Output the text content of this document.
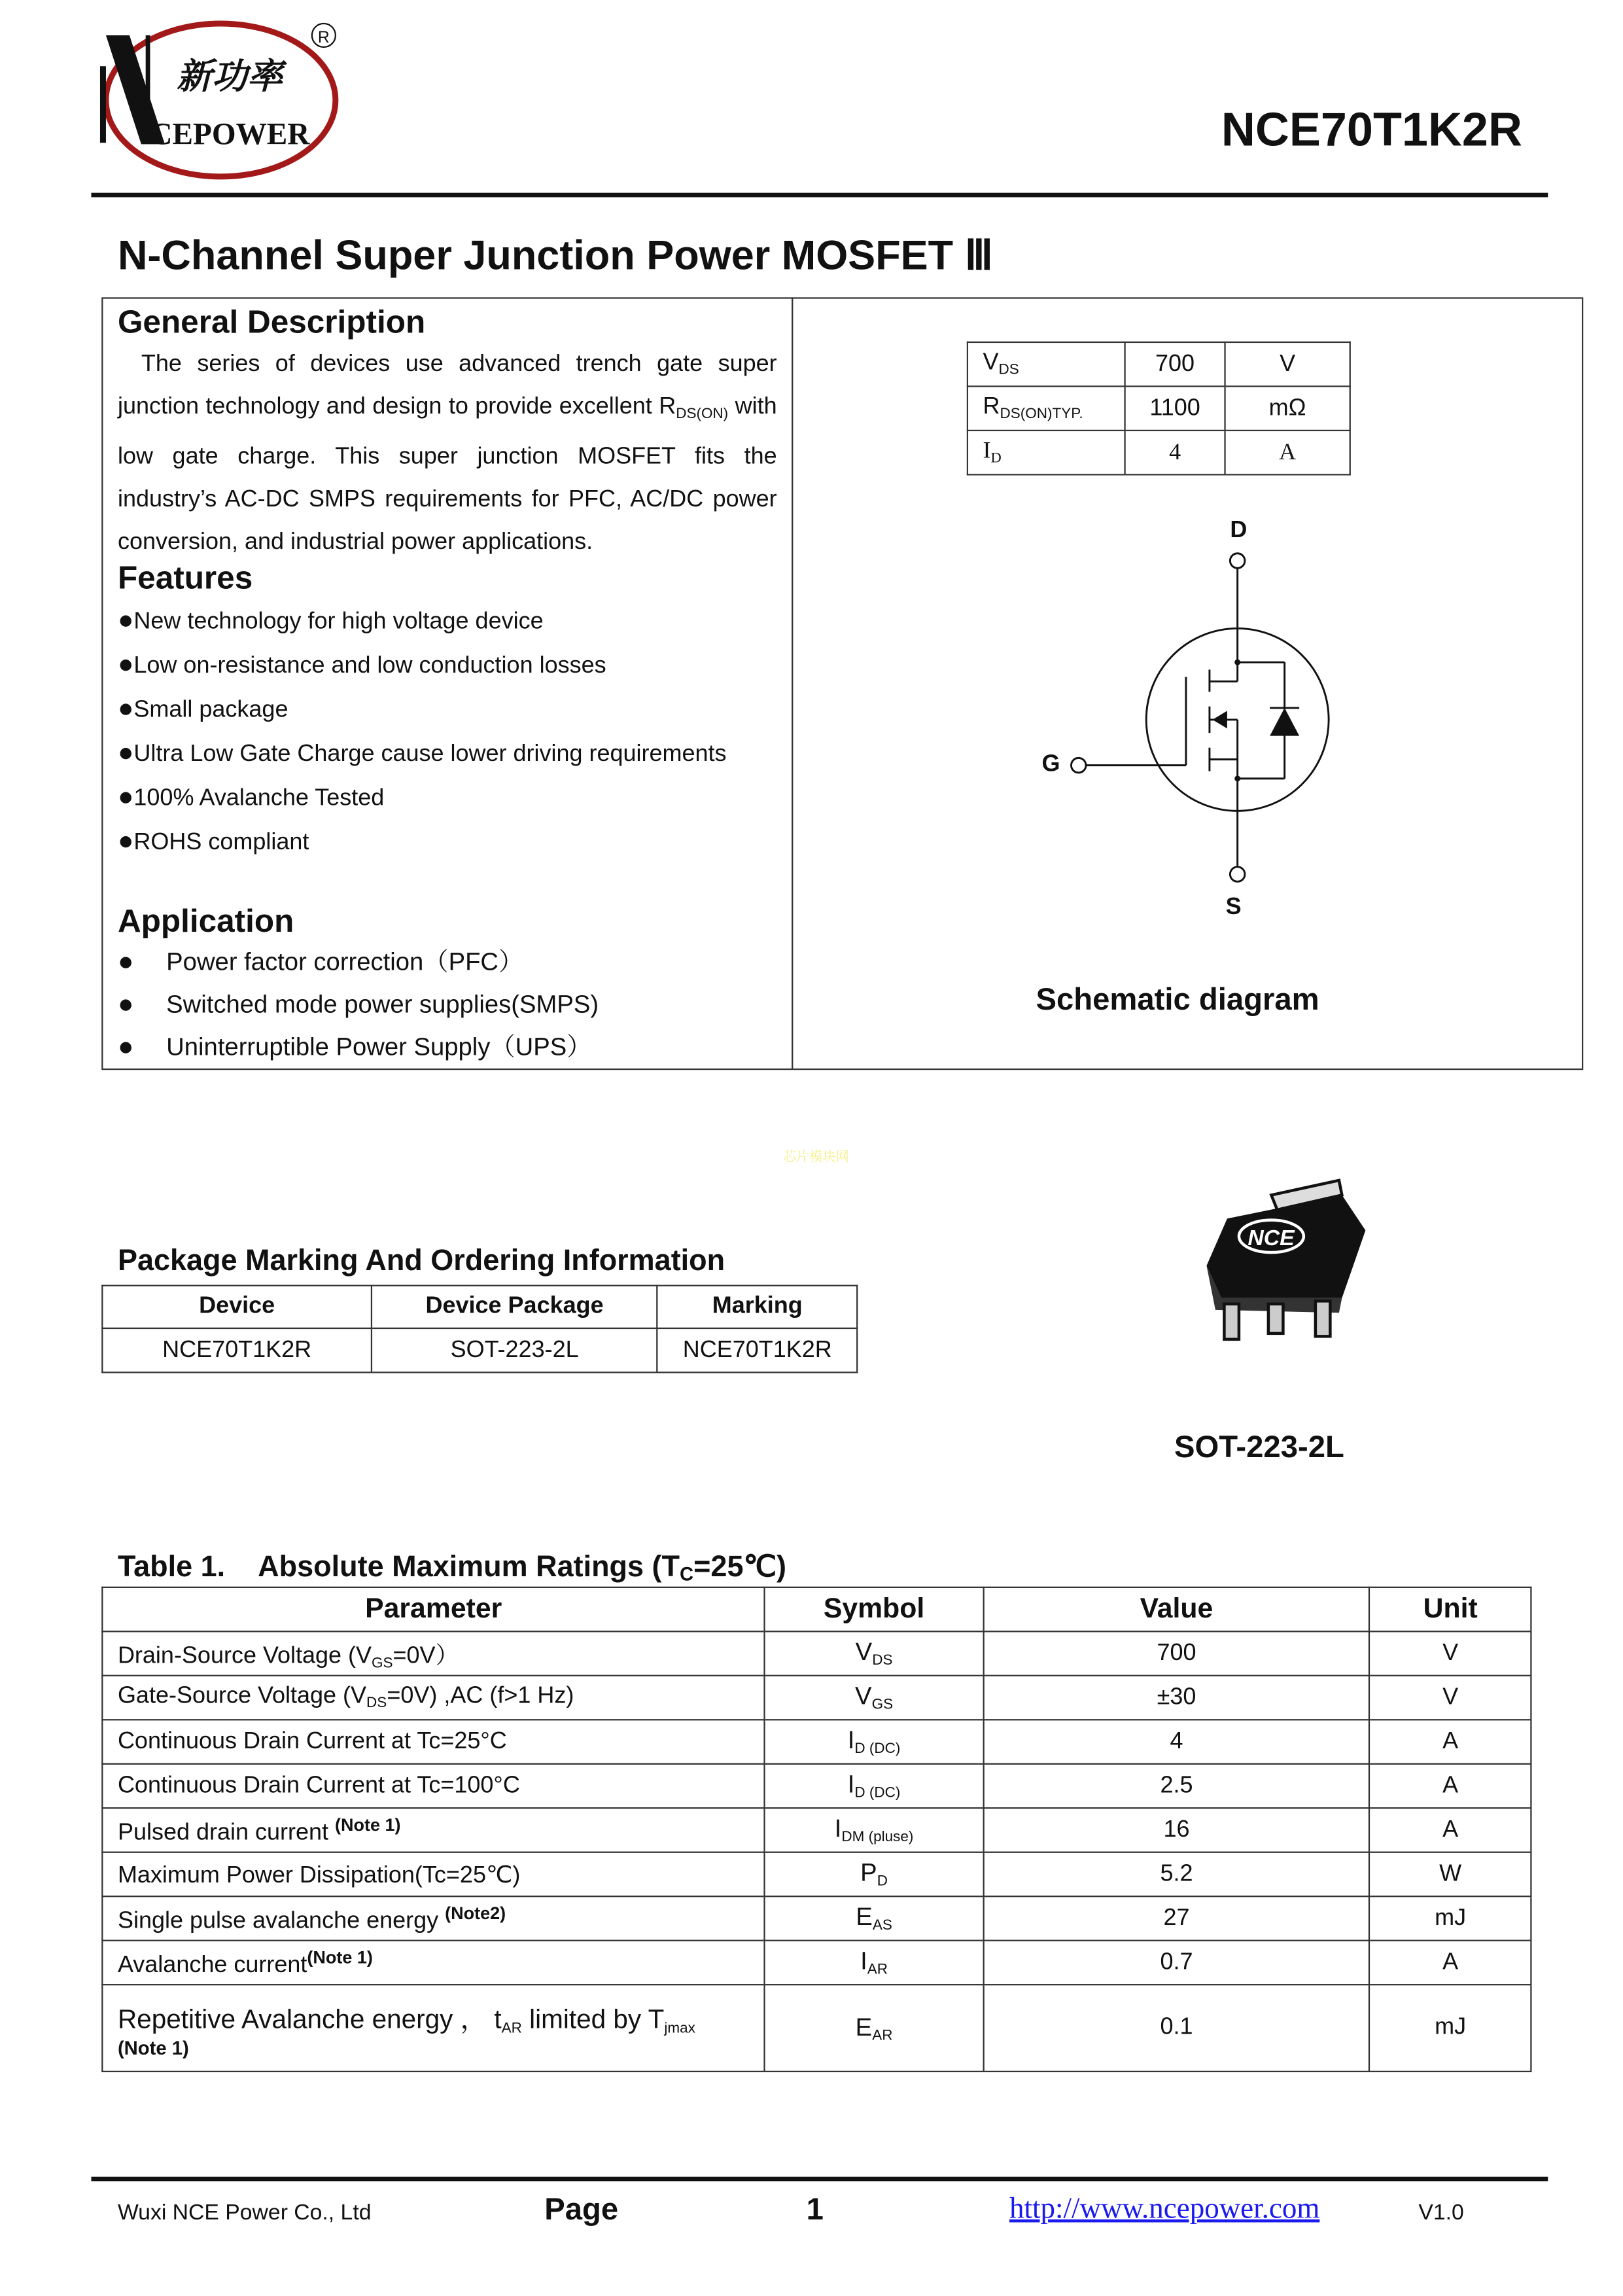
新功率
CEPOWER
R
NCE70T1K2R
N-Channel Super Junction Power MOSFET Ⅲ
General Description
The series of devices use advanced trench gate super junction technology and design to provide excellent $R_{DS(ON)}$ with low gate charge. This super junction MOSFET fits the industry’s AC-DC SMPS requirements for PFC, AC/DC power conversion, and industrial power applications.
Features
●New technology for high voltage device
●Low on-resistance and low conduction losses
●Small package
●Ultra Low Gate Charge cause lower driving requirements
●100% Avalanche Tested
●ROHS compliant
Application
●	Power factor correction（PFC）
●	Switched mode power supplies(SMPS)
●	Uninterruptible Power Supply（UPS）
$V_{DS}$	700	V
$R_{DS(ON)TYP.}$	1100	mΩ
$I_D$	4	A
D
G
S
Schematic diagram
芯片模块网
Package Marking And Ordering Information
Device	Device Package	Marking
NCE70T1K2R	SOT-223-2L	NCE70T1K2R
NCE
SOT-223-2L
Table 1.	Absolute Maximum Ratings $(T_C=25℃)$
Parameter	Symbol	Value	Unit
Drain-Source Voltage $(V_{GS}=0V)$	$V_{DS}$	700	V
Gate-Source Voltage $(V_{DS}=0V)$ ,AC (f>1 Hz)	$V_{GS}$	±30	V
Continuous Drain Current at Tc=25°C	$I_{D (DC)}$	4	A
Continuous Drain Current at Tc=100°C	$I_{D (DC)}$	2.5	A
Pulsed drain current $^{(Note 1)}$	$I_{DM (pluse)}$	16	A
Maximum Power Dissipation(Tc=25℃)	$P_D$	5.2	W
Single pulse avalanche energy $^{(Note2)}$	$E_{AS}$	27	mJ
Avalanche current$^{(Note 1)}$	$I_{AR}$	0.7	A
Repetitive Avalanche energy ， $t_{AR}$ limited by $T_{jmax}$
(Note 1)	$E_{AR}$	0.1	mJ
Wuxi NCE Power Co., Ltd	Page	1	http://www.ncepower.com	V1.0
